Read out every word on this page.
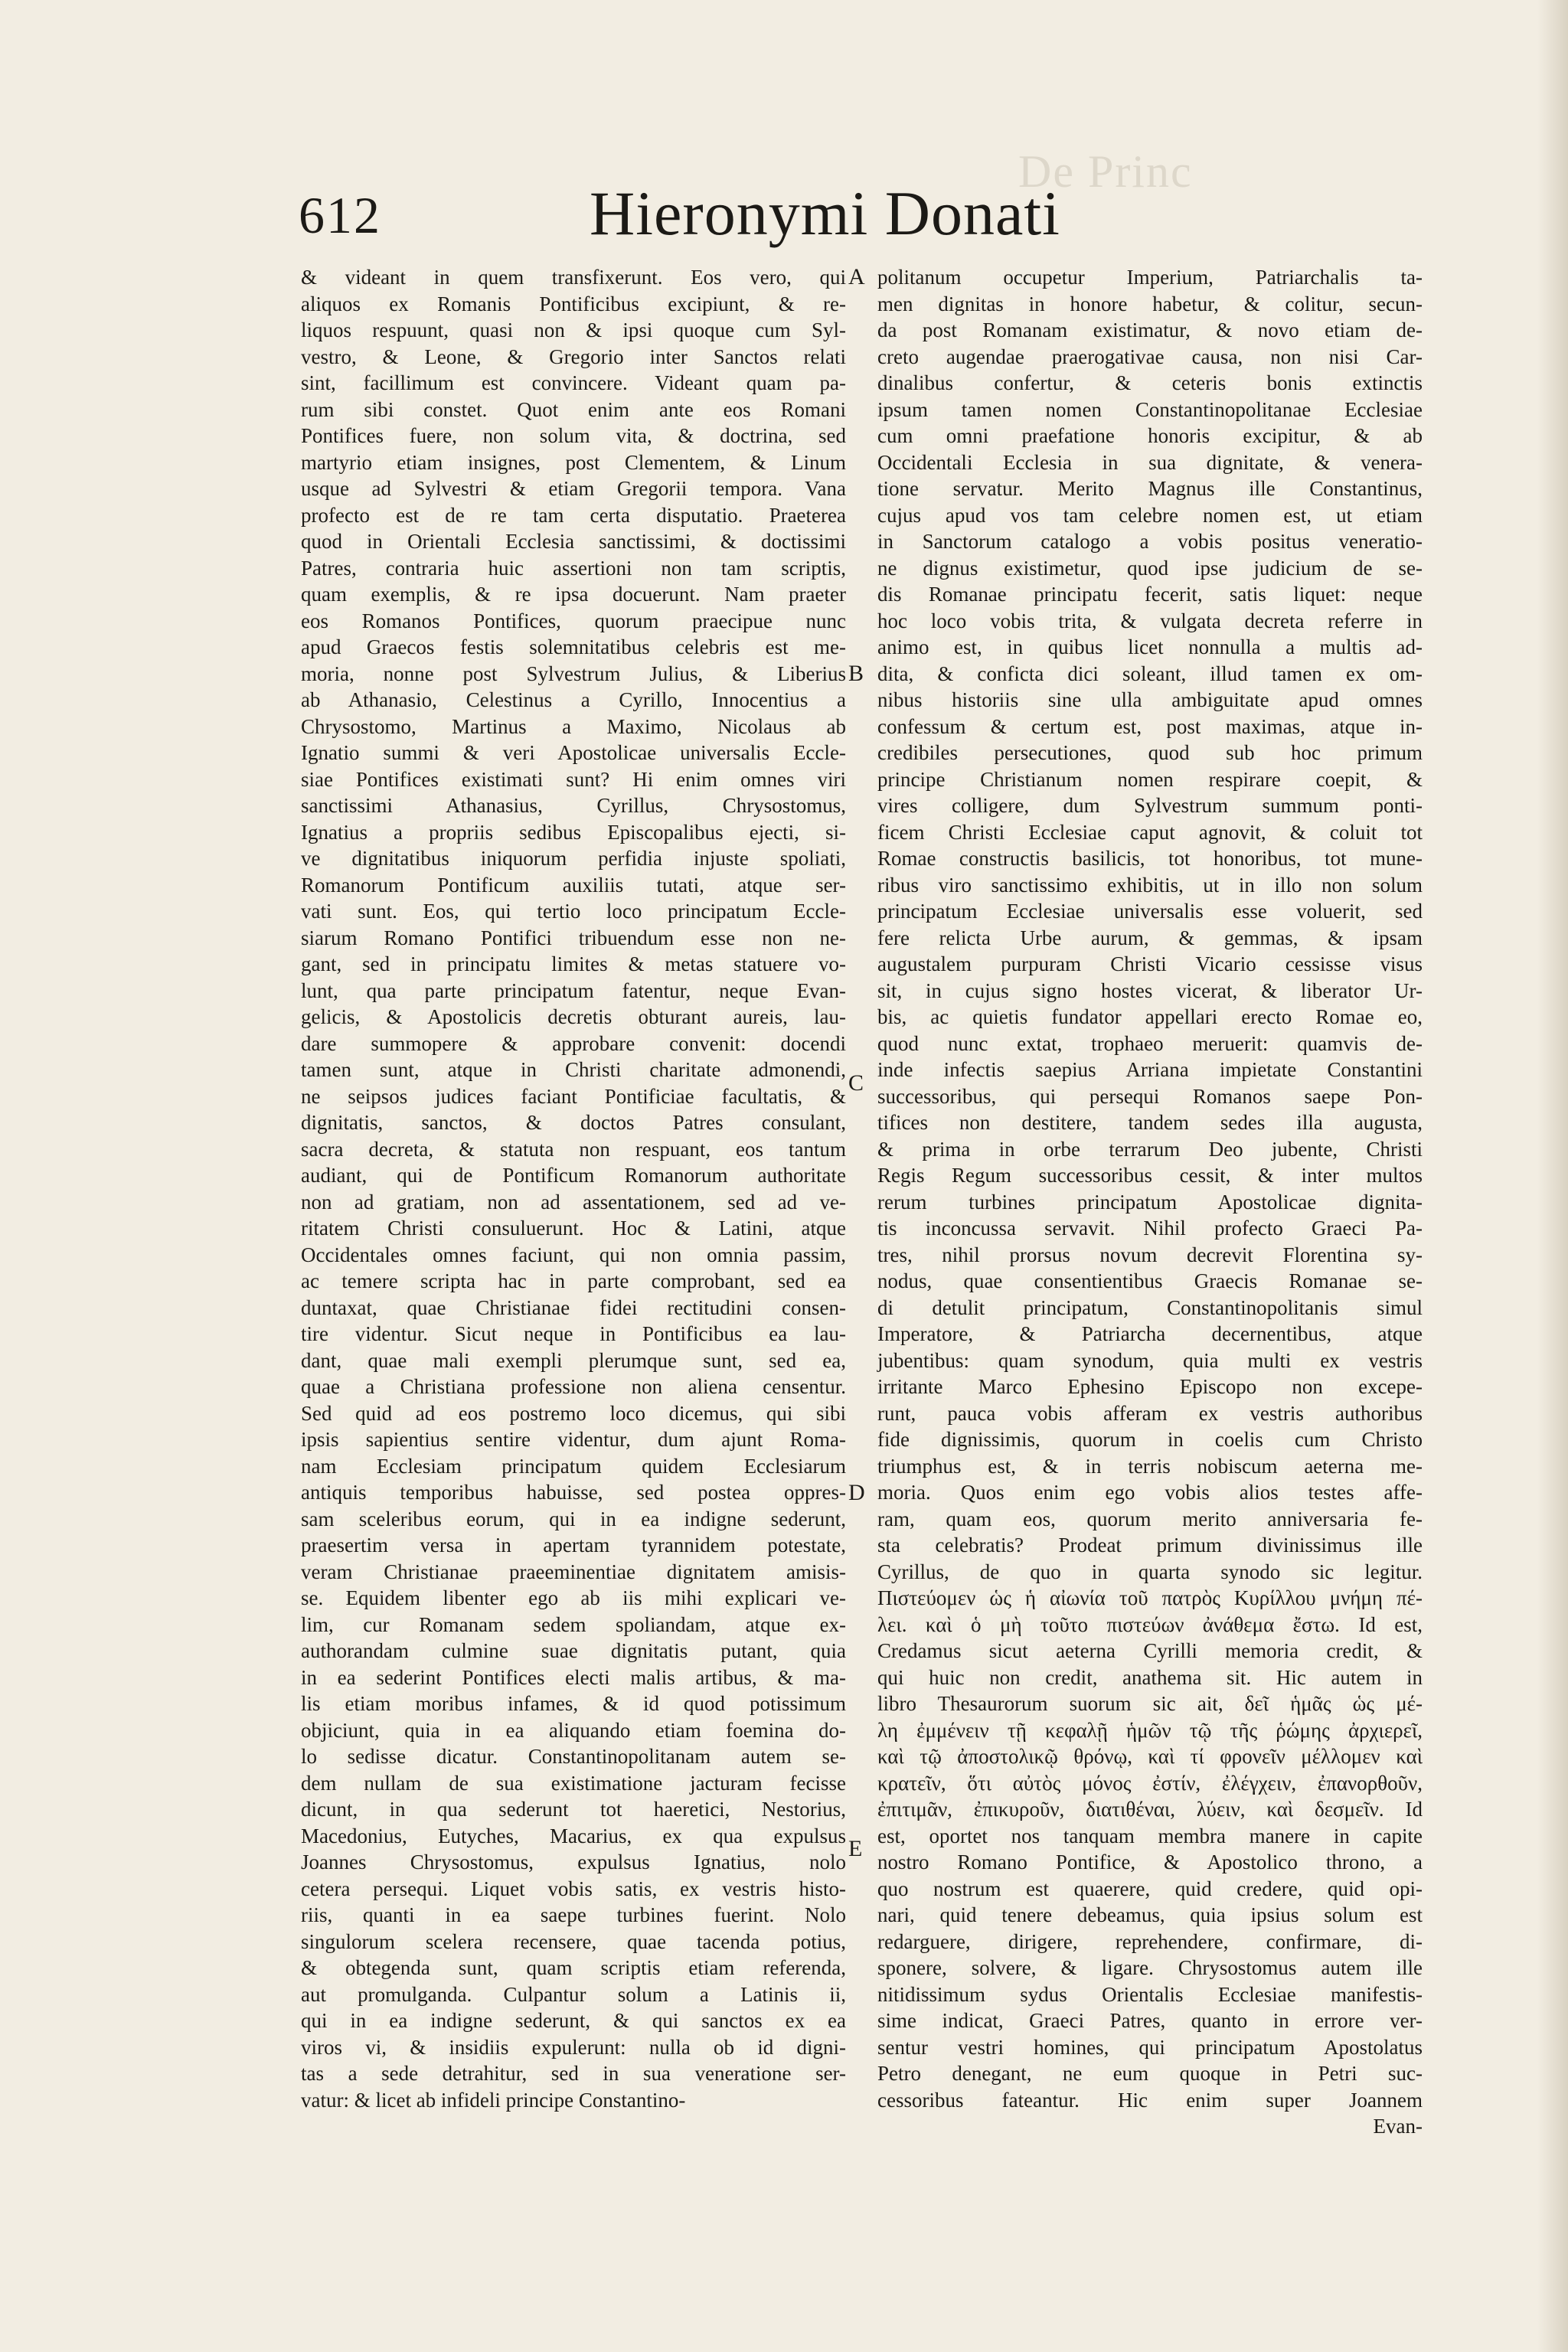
De Princ
612	Hieronymi Donati
& videant in quem transfixerunt. Eos vero, qui
aliquos ex Romanis Pontificibus excipiunt, & re-
liquos respuunt, quasi non & ipsi quoque cum Syl-
vestro, & Leone, & Gregorio inter Sanctos relati
sint, facillimum est convincere. Videant quam pa-
rum sibi constet. Quot enim ante eos Romani
Pontifices fuere, non solum vita, & doctrina, sed
martyrio etiam insignes, post Clementem, & Linum
usque ad Sylvestri & etiam Gregorii tempora. Vana
profecto est de re tam certa disputatio. Praeterea
quod in Orientali Ecclesia sanctissimi, & doctissimi
Patres, contraria huic assertioni non tam scriptis,
quam exemplis, & re ipsa docuerunt. Nam praeter
eos Romanos Pontifices, quorum praecipue nunc
apud Graecos festis solemnitatibus celebris est me-
moria, nonne post Sylvestrum Julius, & Liberius
ab Athanasio, Celestinus a Cyrillo, Innocentius a
Chrysostomo, Martinus a Maximo, Nicolaus ab
Ignatio summi & veri Apostolicae universalis Eccle-
siae Pontifices existimati sunt? Hi enim omnes viri
sanctissimi Athanasius, Cyrillus, Chrysostomus,
Ignatius a propriis sedibus Episcopalibus ejecti, si-
ve dignitatibus iniquorum perfidia injuste spoliati,
Romanorum Pontificum auxiliis tutati, atque ser-
vati sunt. Eos, qui tertio loco principatum Eccle-
siarum Romano Pontifici tribuendum esse non ne-
gant, sed in principatu limites & metas statuere vo-
lunt, qua parte principatum fatentur, neque Evan-
gelicis, & Apostolicis decretis obturant aureis, lau-
dare summopere & approbare convenit: docendi
tamen sunt, atque in Christi charitate admonendi,
ne seipsos judices faciant Pontificiae facultatis, &
dignitatis, sanctos, & doctos Patres consulant,
sacra decreta, & statuta non respuant, eos tantum
audiant, qui de Pontificum Romanorum authoritate
non ad gratiam, non ad assentationem, sed ad ve-
ritatem Christi consuluerunt. Hoc & Latini, atque
Occidentales omnes faciunt, qui non omnia passim,
ac temere scripta hac in parte comprobant, sed ea
duntaxat, quae Christianae fidei rectitudini consen-
tire videntur. Sicut neque in Pontificibus ea lau-
dant, quae mali exempli plerumque sunt, sed ea,
quae a Christiana professione non aliena censentur.
Sed quid ad eos postremo loco dicemus, qui sibi
ipsis sapientius sentire videntur, dum ajunt Roma-
nam Ecclesiam principatum quidem Ecclesiarum
antiquis temporibus habuisse, sed postea oppres-
sam sceleribus eorum, qui in ea indigne sederunt,
praesertim versa in apertam tyrannidem potestate,
veram Christianae praeeminentiae dignitatem amisis-
se. Equidem libenter ego ab iis mihi explicari ve-
lim, cur Romanam sedem spoliandam, atque ex-
authorandam culmine suae dignitatis putant, quia
in ea sederint Pontifices electi malis artibus, & ma-
lis etiam moribus infames, & id quod potissimum
objiciunt, quia in ea aliquando etiam foemina do-
lo sedisse dicatur. Constantinopolitanam autem se-
dem nullam de sua existimatione jacturam fecisse
dicunt, in qua sederunt tot haeretici, Nestorius,
Macedonius, Eutyches, Macarius, ex qua expulsus
Joannes Chrysostomus, expulsus Ignatius, nolo
cetera persequi. Liquet vobis satis, ex vestris histo-
riis, quanti in ea saepe turbines fuerint. Nolo
singulorum scelera recensere, quae tacenda potius,
& obtegenda sunt, quam scriptis etiam referenda,
aut promulganda. Culpantur solum a Latinis ii,
qui in ea indigne sederunt, & qui sanctos ex ea
viros vi, & insidiis expulerunt: nulla ob id digni-
tas a sede detrahitur, sed in sua veneratione ser-
vatur: & licet ab infideli principe Constantino-
A
B
C
D
E
politanum occupetur Imperium, Patriarchalis ta-
men dignitas in honore habetur, & colitur, secun-
da post Romanam existimatur, & novo etiam de-
creto augendae praerogativae causa, non nisi Car-
dinalibus confertur, & ceteris bonis extinctis
ipsum tamen nomen Constantinopolitanae Ecclesiae
cum omni praefatione honoris excipitur, & ab
Occidentali Ecclesia in sua dignitate, & venera-
tione servatur. Merito Magnus ille Constantinus,
cujus apud vos tam celebre nomen est, ut etiam
in Sanctorum catalogo a vobis positus veneratio-
ne dignus existimetur, quod ipse judicium de se-
dis Romanae principatu fecerit, satis liquet: neque
hoc loco vobis trita, & vulgata decreta referre in
animo est, in quibus licet nonnulla a multis ad-
dita, & conficta dici soleant, illud tamen ex om-
nibus historiis sine ulla ambiguitate apud omnes
confessum & certum est, post maximas, atque in-
credibiles persecutiones, quod sub hoc primum
principe Christianum nomen respirare coepit, &
vires colligere, dum Sylvestrum summum ponti-
ficem Christi Ecclesiae caput agnovit, & coluit tot
Romae constructis basilicis, tot honoribus, tot mune-
ribus viro sanctissimo exhibitis, ut in illo non solum
principatum Ecclesiae universalis esse voluerit, sed
fere relicta Urbe aurum, & gemmas, & ipsam
augustalem purpuram Christi Vicario cessisse visus
sit, in cujus signo hostes vicerat, & liberator Ur-
bis, ac quietis fundator appellari erecto Romae eo,
quod nunc extat, trophaeo meruerit: quamvis de-
inde infectis saepius Arriana impietate Constantini
successoribus, qui persequi Romanos saepe Pon-
tifices non destitere, tandem sedes illa augusta,
& prima in orbe terrarum Deo jubente, Christi
Regis Regum successoribus cessit, & inter multos
rerum turbines principatum Apostolicae dignita-
tis inconcussa servavit. Nihil profecto Graeci Pa-
tres, nihil prorsus novum decrevit Florentina sy-
nodus, quae consentientibus Graecis Romanae se-
di detulit principatum, Constantinopolitanis simul
Imperatore, & Patriarcha decernentibus, atque
jubentibus: quam synodum, quia multi ex vestris
irritante Marco Ephesino Episcopo non excepe-
runt, pauca vobis afferam ex vestris authoribus
fide dignissimis, quorum in coelis cum Christo
triumphus est, & in terris nobiscum aeterna me-
moria. Quos enim ego vobis alios testes affe-
ram, quam eos, quorum merito anniversaria fe-
sta celebratis? Prodeat primum divinissimus ille
Cyrillus, de quo in quarta synodo sic legitur.
Πιστεύομεν ὡς ἡ αἰωνία τοῦ πατρὸς Κυρίλλου μνήμη πέ-
λει. καὶ ὁ μὴ τοῦτο πιστεύων ἀνάθεμα ἔστω. Id est,
Credamus sicut aeterna Cyrilli memoria credit, &
qui huic non credit, anathema sit. Hic autem in
libro Thesaurorum suorum sic ait, δεῖ ἡμᾶς ὡς μέ-
λη ἐμμένειν τῇ κεφαλῇ ἡμῶν τῷ τῆς ῥώμης ἀρχιερεῖ,
καὶ τῷ ἀποστολικῷ θρόνῳ, καὶ τί φρονεῖν μέλλομεν καὶ
κρατεῖν, ὅτι αὐτὸς μόνος ἐστίν, ἐλέγχειν, ἐπανορθοῦν,
ἐπιτιμᾶν, ἐπικυροῦν, διατιθέναι, λύειν, καὶ δεσμεῖν. Id
est, oportet nos tanquam membra manere in capite
nostro Romano Pontifice, & Apostolico throno, a
quo nostrum est quaerere, quid credere, quid opi-
nari, quid tenere debeamus, quia ipsius solum est
redarguere, dirigere, reprehendere, confirmare, di-
sponere, solvere, & ligare. Chrysostomus autem ille
nitidissimum sydus Orientalis Ecclesiae manifestis-
sime indicat, Graeci Patres, quanto in errore ver-
sentur vestri homines, qui principatum Apostolatus
Petro denegant, ne eum quoque in Petri suc-
cessoribus fateantur. Hic enim super Joannem
Evan-
